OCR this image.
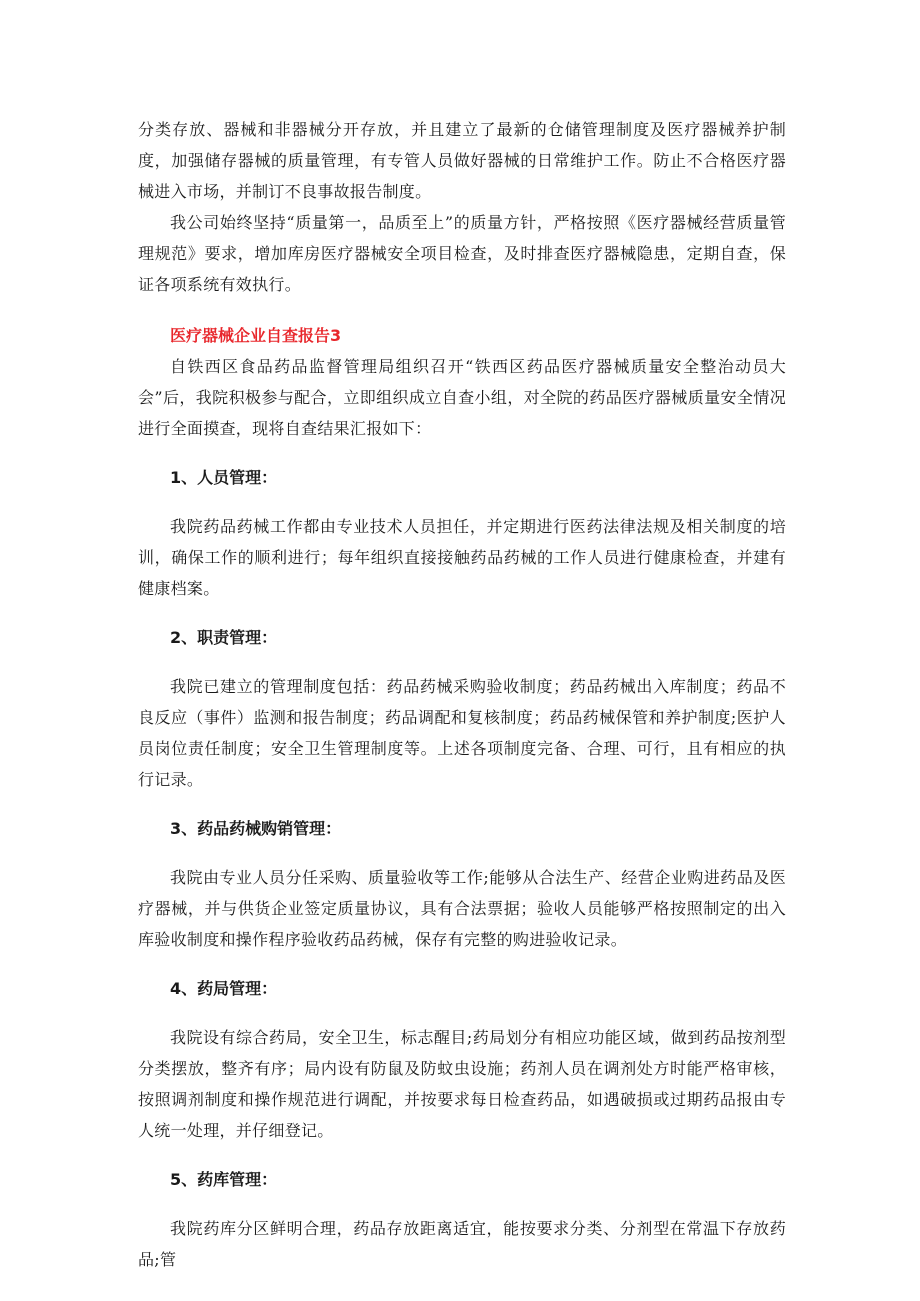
分类存放、器械和非器械分开存放，并且建立了最新的仓储管理制度及医疗器械养护制度，加强储存器械的质量管理，有专管人员做好器械的日常维护工作。防止不合格医疗器械进入市场，并制订不良事故报告制度。

我公司始终坚持“质量第一，品质至上”的质量方针，严格按照《医疗器械经营质量管理规范》要求，增加库房医疗器械安全项目检查，及时排查医疗器械隐患，定期自查，保证各项系统有效执行。

医疗器械企业自查报告3

自铁西区食品药品监督管理局组织召开“铁西区药品医疗器械质量安全整治动员大会”后，我院积极参与配合，立即组织成立自查小组，对全院的药品医疗器械质量安全情况进行全面摸查，现将自查结果汇报如下：

1、人员管理：

我院药品药械工作都由专业技术人员担任，并定期进行医药法律法规及相关制度的培训，确保工作的顺利进行；每年组织直接接触药品药械的工作人员进行健康检查，并建有健康档案。

2、职责管理：

我院已建立的管理制度包括：药品药械采购验收制度；药品药械出入库制度；药品不良反应（事件）监测和报告制度；药品调配和复核制度；药品药械保管和养护制度;医护人员岗位责任制度；安全卫生管理制度等。上述各项制度完备、合理、可行，且有相应的执行记录。

3、药品药械购销管理：

我院由专业人员分任采购、质量验收等工作;能够从合法生产、经营企业购进药品及医疗器械，并与供货企业签定质量协议，具有合法票据；验收人员能够严格按照制定的出入库验收制度和操作程序验收药品药械，保存有完整的购进验收记录。

4、药局管理：

我院设有综合药局，安全卫生，标志醒目;药局划分有相应功能区域，做到药品按剂型分类摆放，整齐有序；局内设有防鼠及防蚊虫设施；药剂人员在调剂处方时能严格审核，按照调剂制度和操作规范进行调配，并按要求每日检查药品，如遇破损或过期药品报由专人统一处理，并仔细登记。

5、药库管理：

我院药库分区鲜明合理，药品存放距离适宜，能按要求分类、分剂型在常温下存放药品;管
